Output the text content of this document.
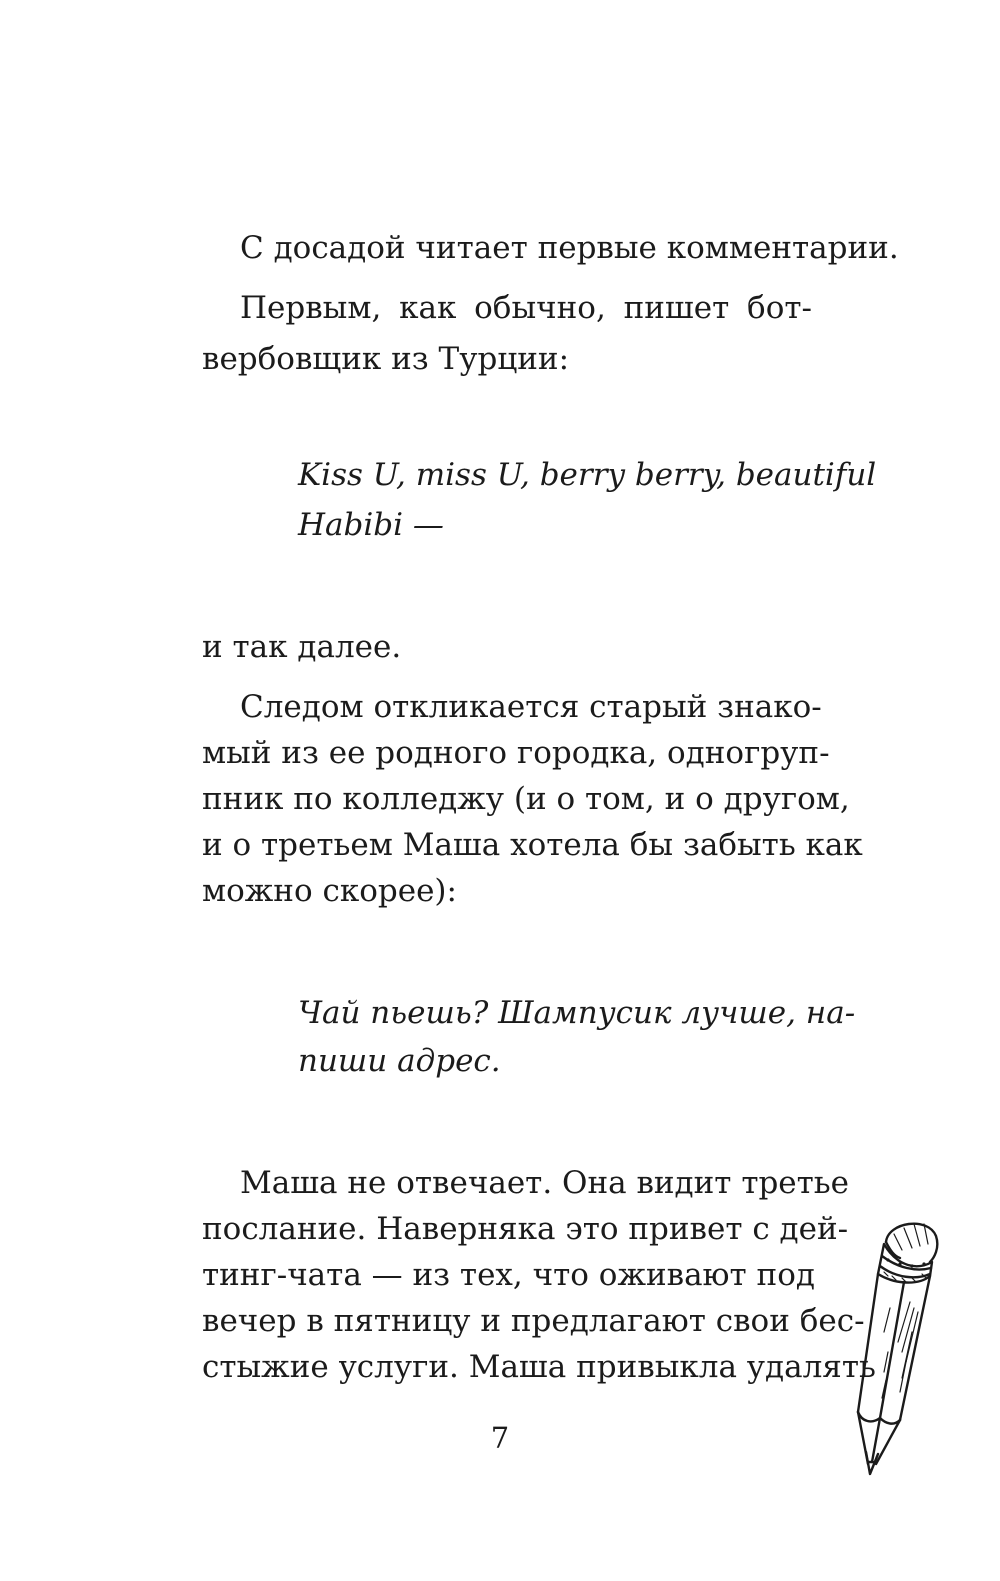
С досадой читает первые комментарии.

Первым, как обычно, пишет бот-

вербовщик из Турции:

Kiss U, miss U, berry berry, beautiful

Habibi —

и так далее.

Следом откликается старый знако-

мый из ее родного городка, одногруп-

пник по колледжу (и о том, и о другом,

и о третьем Маша хотела бы забыть как

можно скорее):

Чай пьешь? Шампусик лучше, на-

пиши адрес.

Маша не отвечает. Она видит третье

послание. Наверняка это привет с дей-

тинг-чата — из тех, что оживают под

вечер в пятницу и предлагают свои бес-

стыжие услуги. Маша привыкла удалять

7
